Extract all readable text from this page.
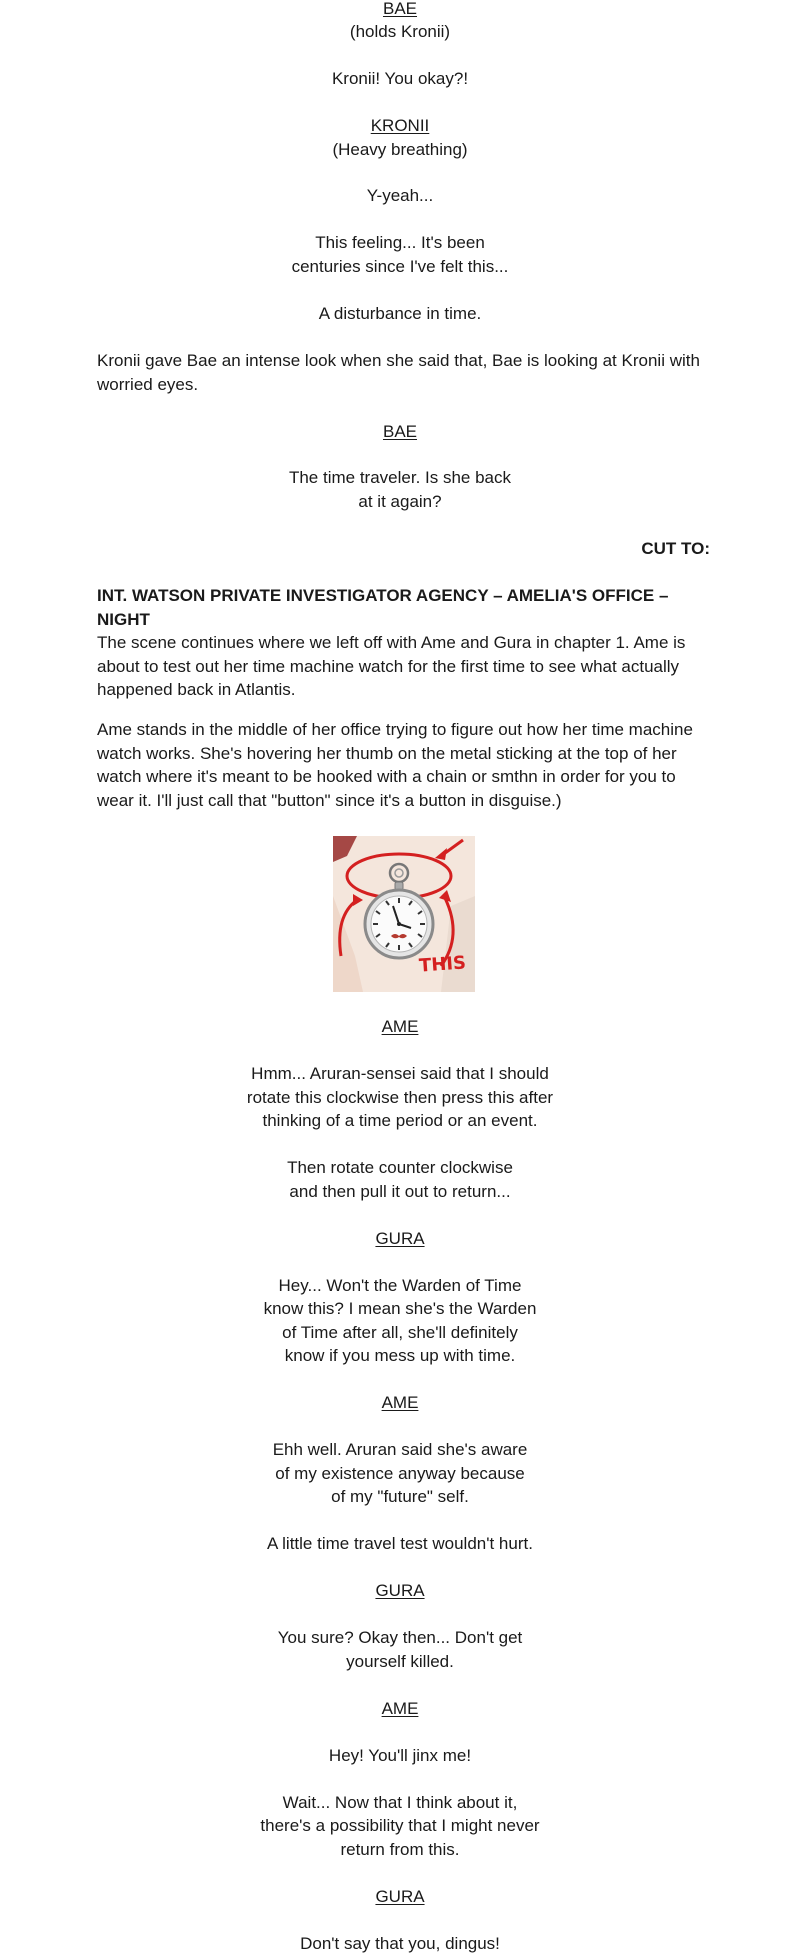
BAE
(holds Kronii)
Kronii! You okay?!
KRONII
(Heavy breathing)
Y-yeah...
This feeling... It's been
centuries since I've felt this...
A disturbance in time.
Kronii gave Bae an intense look when she said that, Bae is looking at Kronii with worried eyes.
BAE
The time traveler. Is she back
at it again?
CUT TO:
INT. WATSON PRIVATE INVESTIGATOR AGENCY – AMELIA'S OFFICE – NIGHT
The scene continues where we left off with Ame and Gura in chapter 1. Ame is about to test out her time machine watch for the first time to see what actually happened back in Atlantis.
Ame stands in the middle of her office trying to figure out how her time machine watch works. She's hovering her thumb on the metal sticking at the top of her watch where it's meant to be hooked with a chain or smthn in order for you to wear it. I'll just call that "button" since it's a button in disguise.)
THIS
AME
Hmm... Aruran-sensei said that I should
rotate this clockwise then press this after
thinking of a time period or an event.
Then rotate counter clockwise
and then pull it out to return...
GURA
Hey... Won't the Warden of Time
know this? I mean she's the Warden
of Time after all, she'll definitely
know if you mess up with time.
AME
Ehh well. Aruran said she's aware
of my existence anyway because
of my "future" self.
A little time travel test wouldn't hurt.
GURA
You sure? Okay then... Don't get
yourself killed.
AME
Hey! You'll jinx me!
Wait... Now that I think about it,
there's a possibility that I might never
return from this.
GURA
Don't say that you, dingus!
